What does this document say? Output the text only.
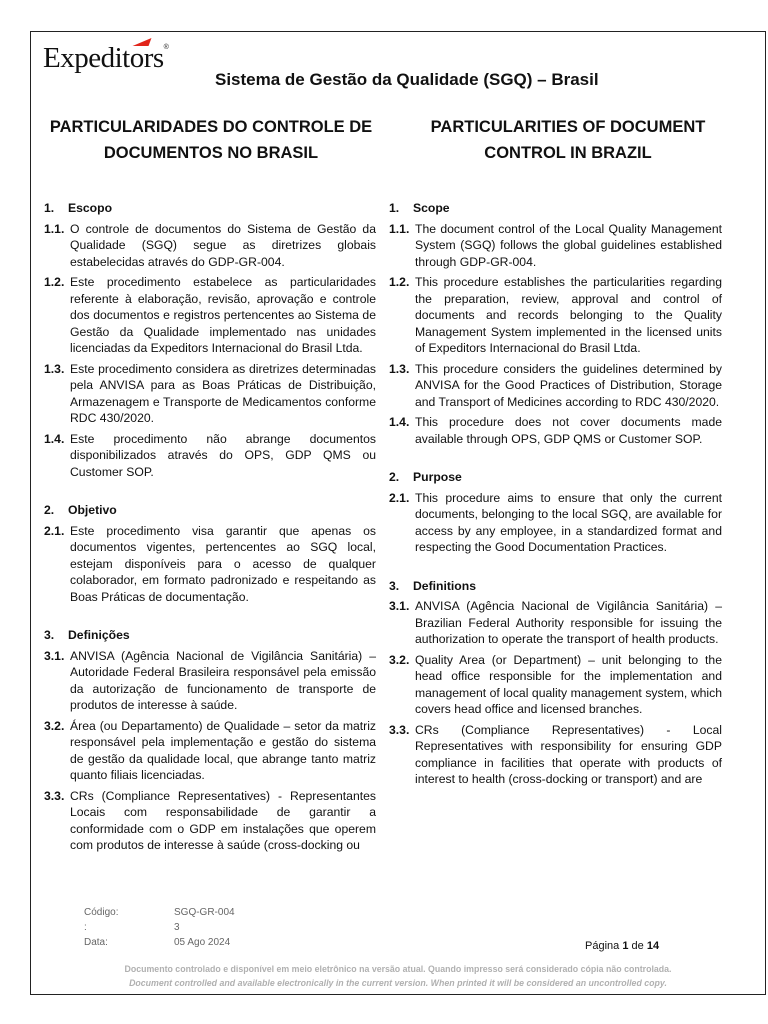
Expeditors®
Sistema de Gestão da Qualidade (SGQ) – Brasil
PARTICULARIDADES DO CONTROLE DE DOCUMENTOS NO BRASIL
PARTICULARITIES OF DOCUMENT CONTROL IN BRAZIL
1.	Escopo
1.1. O controle de documentos do Sistema de Gestão da Qualidade (SGQ) segue as diretrizes globais estabelecidas através do GDP-GR-004.
1.2. Este procedimento estabelece as particularidades referente à elaboração, revisão, aprovação e controle dos documentos e registros pertencentes ao Sistema de Gestão da Qualidade implementado nas unidades licenciadas da Expeditors Internacional do Brasil Ltda.
1.3. Este procedimento considera as diretrizes determinadas pela ANVISA para as Boas Práticas de Distribuição, Armazenagem e Transporte de Medicamentos conforme RDC 430/2020.
1.4. Este procedimento não abrange documentos disponibilizados através do OPS, GDP QMS ou Customer SOP.
2.	Objetivo
2.1. Este procedimento visa garantir que apenas os documentos vigentes, pertencentes ao SGQ local, estejam disponíveis para o acesso de qualquer colaborador, em formato padronizado e respeitando as Boas Práticas de documentação.
3.	Definições
3.1. ANVISA (Agência Nacional de Vigilância Sanitária) – Autoridade Federal Brasileira responsável pela emissão da autorização de funcionamento de transporte de produtos de interesse à saúde.
3.2. Área (ou Departamento) de Qualidade – setor da matriz responsável pela implementação e gestão do sistema de gestão da qualidade local, que abrange tanto matriz quanto filiais licenciadas.
3.3. CRs (Compliance Representatives) - Representantes Locais com responsabilidade de garantir a conformidade com o GDP em instalações que operem com produtos de interesse à saúde (cross-docking ou
1.	Scope
1.1. The document control of the Local Quality Management System (SGQ) follows the global guidelines established through GDP-GR-004.
1.2. This procedure establishes the particularities regarding the preparation, review, approval and control of documents and records belonging to the Quality Management System implemented in the licensed units of Expeditors Internacional do Brasil Ltda.
1.3. This procedure considers the guidelines determined by ANVISA for the Good Practices of Distribution, Storage and Transport of Medicines according to RDC 430/2020.
1.4. This procedure does not cover documents made available through OPS, GDP QMS or Customer SOP.
2.	Purpose
2.1. This procedure aims to ensure that only the current documents, belonging to the local SGQ, are available for access by any employee, in a standardized format and respecting the Good Documentation Practices.
3.	Definitions
3.1. ANVISA (Agência Nacional de Vigilância Sanitária) – Brazilian Federal Authority responsible for issuing the authorization to operate the transport of health products.
3.2. Quality Area (or Department) – unit belonging to the head office responsible for the implementation and management of local quality management system, which covers head office and licensed branches.
3.3. CRs (Compliance Representatives) - Local Representatives with responsibility for ensuring GDP compliance in facilities that operate with products of interest to health (cross-docking or transport) and are
Código:	SGQ-GR-004
:	3
Data:	05 Ago 2024	Página 1 de 14
Documento controlado e disponível em meio eletrônico na versão atual. Quando impresso será considerado cópia não controlada.
Document controlled and available electronically in the current version. When printed it will be considered an uncontrolled copy.
